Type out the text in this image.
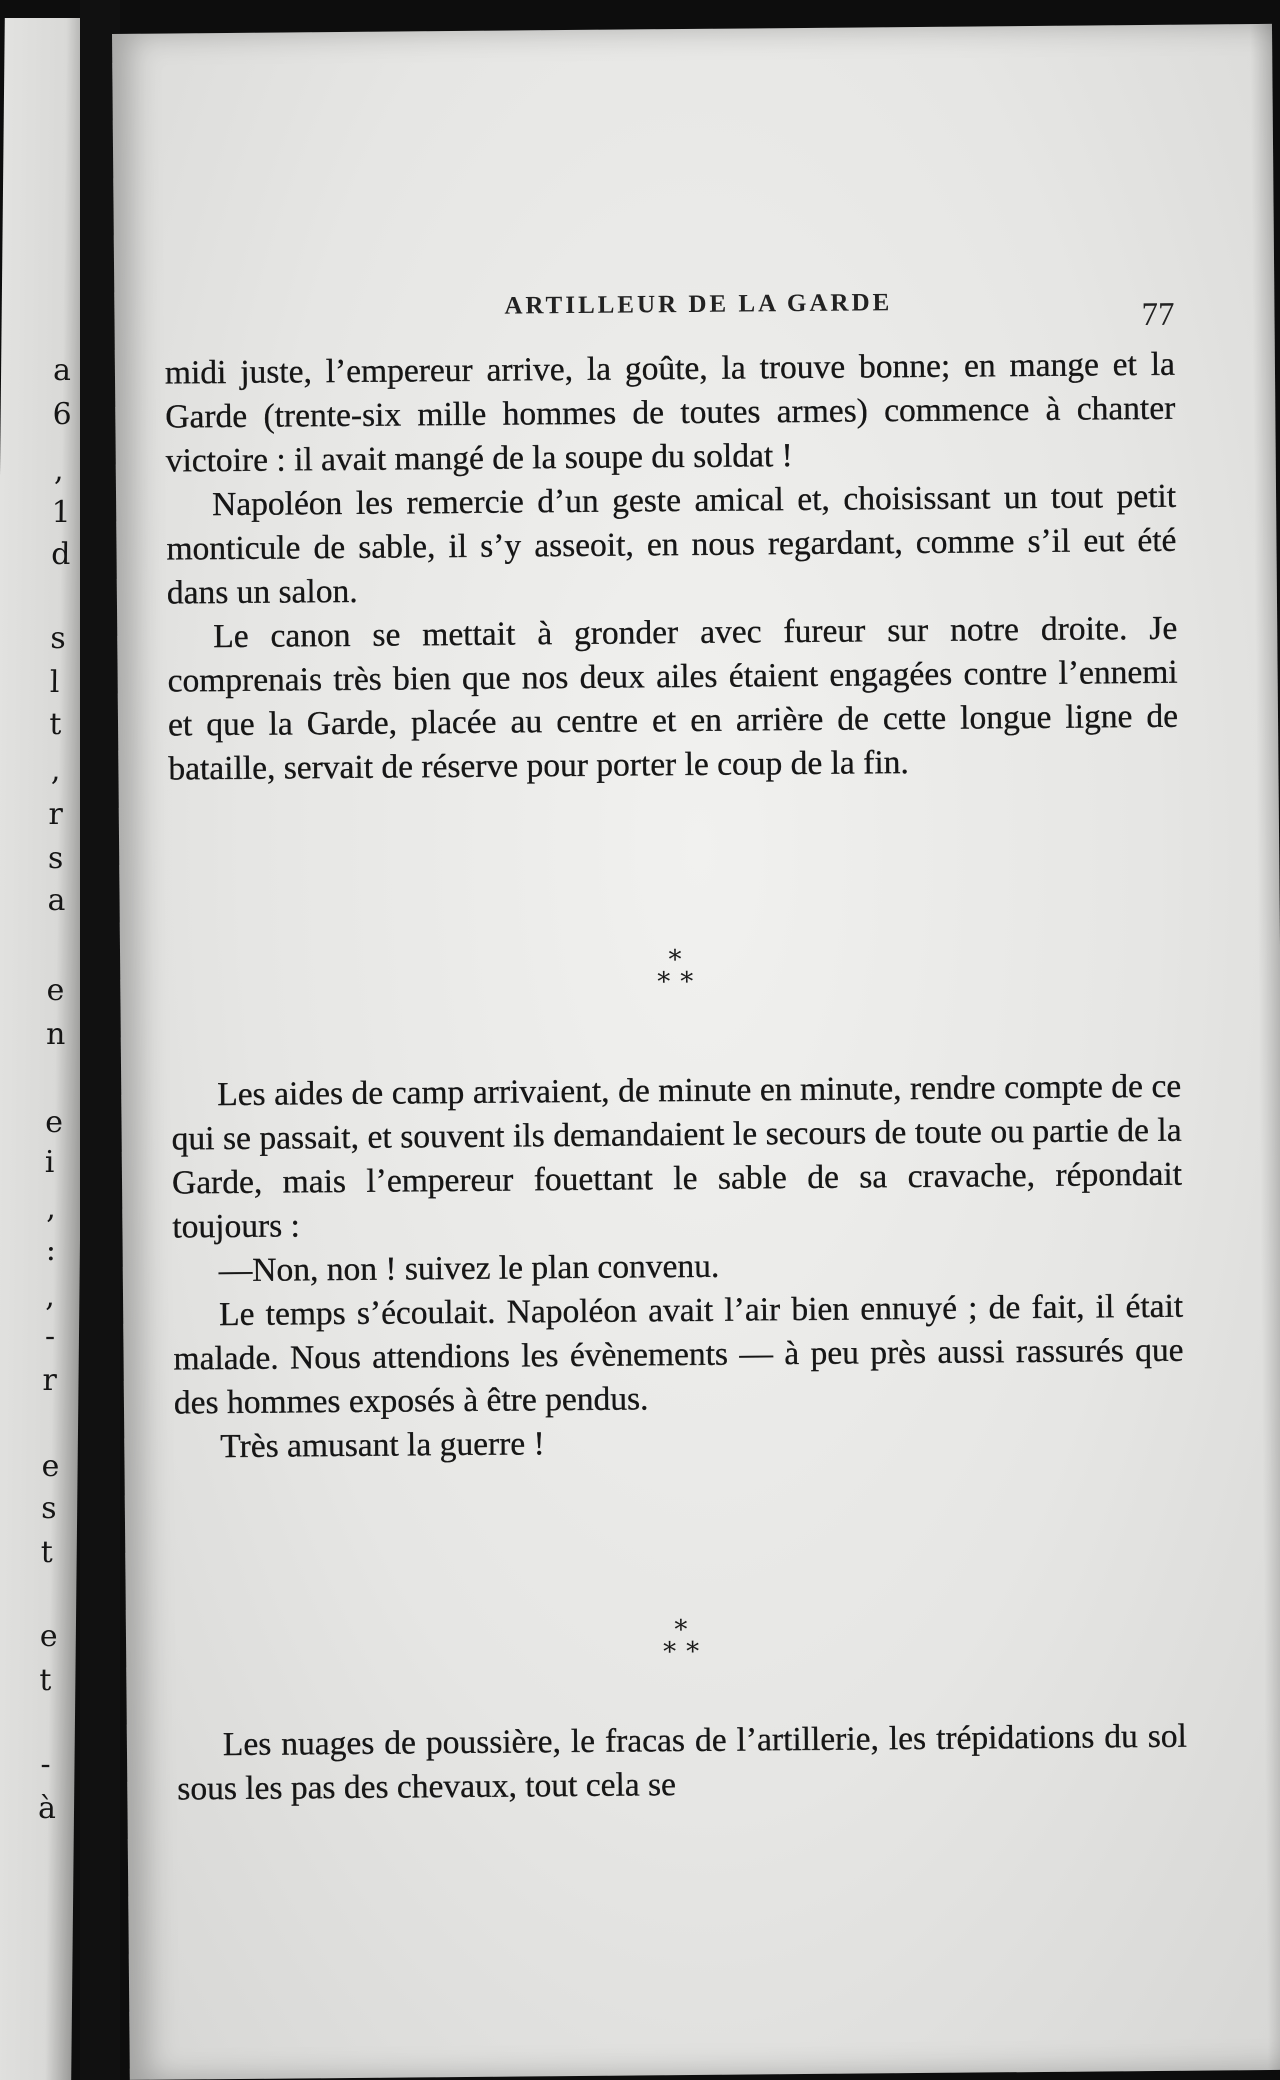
a
6
,
1
d
s
l
t
,
r
s
a
e
n
e
i
,
:
,
-
r
e
s
t
e
t
-
à
ARTILLEUR DE LA GARDE	77

midi juste, l’empereur arrive, la goûte, la trouve bonne; en mange et la Garde (trente-six mille hommes de toutes armes) commence à chanter victoire : il avait mangé de la soupe du soldat !

Napoléon les remercie d’un geste amical et, choisissant un tout petit monticule de sable, il s’y asseoit, en nous regardant, comme s’il eut été dans un salon.

Le canon se mettait à gronder avec fureur sur notre droite. Je comprenais très bien que nos deux ailes étaient engagées contre l’ennemi et que la Garde, placée au centre et en arrière de cette longue ligne de bataille, servait de réserve pour porter le coup de la fin.

*
**

Les aides de camp arrivaient, de minute en minute, rendre compte de ce qui se passait, et souvent ils demandaient le secours de toute ou partie de la Garde, mais l’empereur fouettant le sable de sa cravache, répondait toujours :

—Non, non ! suivez le plan convenu.

Le temps s’écoulait. Napoléon avait l’air bien ennuyé ; de fait, il était malade. Nous attendions les évènements — à peu près aussi rassurés que des hommes exposés à être pendus.

Très amusant la guerre !

*
**

Les nuages de poussière, le fracas de l’artillerie, les trépidations du sol sous les pas des chevaux, tout cela se
